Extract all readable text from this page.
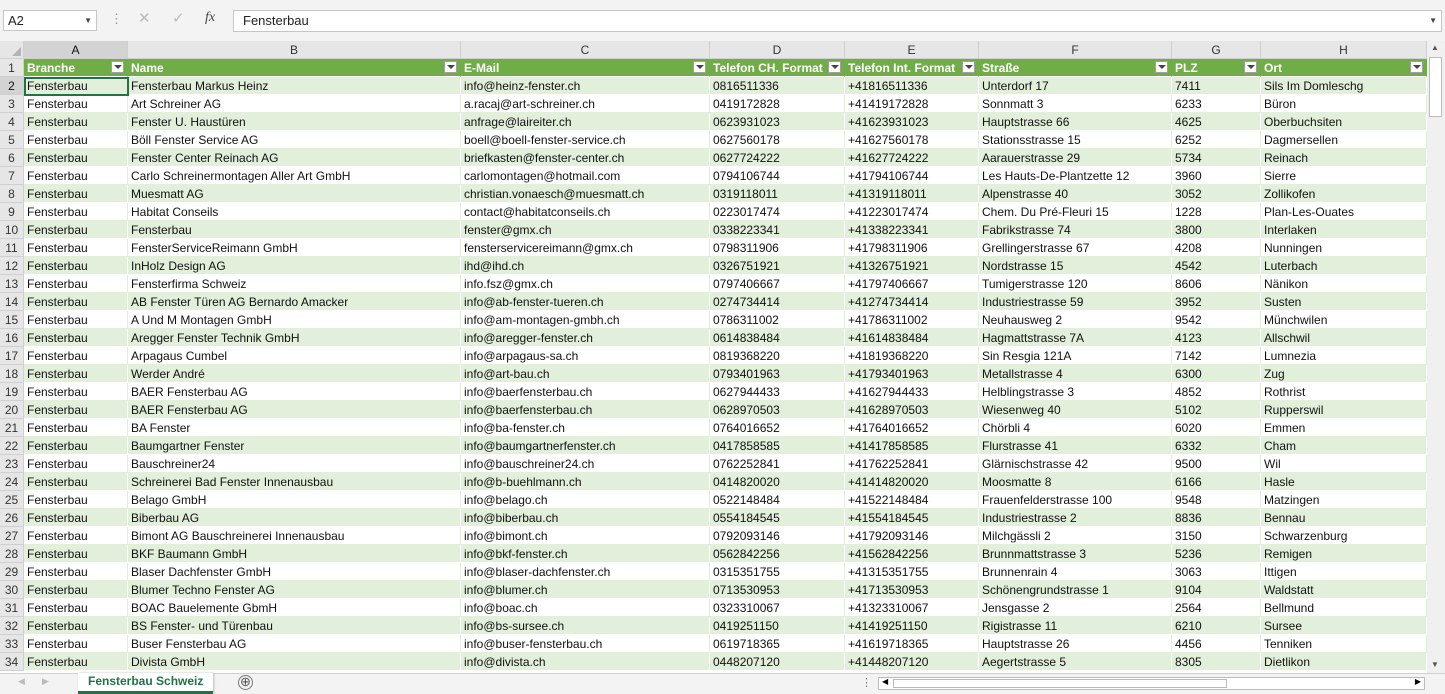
A2	▼ ⋮ ✕ ✓ fx	Fensterbau	▼
A	B	C	D	E	F	G	H
1	Branche	Name	E-Mail	Telefon CH. Format	Telefon Int. Format	Straße	PLZ	Ort
2	Fensterbau	Fensterbau Markus Heinz	info@heinz-fenster.ch	0816511336	+41816511336	Unterdorf 17	7411	Sils Im Domleschg
3	Fensterbau	Art Schreiner AG	a.racaj@art-schreiner.ch	0419172828	+41419172828	Sonnmatt 3	6233	Büron
4	Fensterbau	Fenster U. Haustüren	anfrage@laireiter.ch	0623931023	+41623931023	Hauptstrasse 66	4625	Oberbuchsiten
5	Fensterbau	Böll Fenster Service AG	boell@boell-fenster-service.ch	0627560178	+41627560178	Stationsstrasse 15	6252	Dagmersellen
6	Fensterbau	Fenster Center Reinach AG	briefkasten@fenster-center.ch	0627724222	+41627724222	Aarauerstrasse 29	5734	Reinach
7	Fensterbau	Carlo Schreinermontagen Aller Art GmbH	carlomontagen@hotmail.com	0794106744	+41794106744	Les Hauts-De-Plantzette 12	3960	Sierre
8	Fensterbau	Muesmatt AG	christian.vonaesch@muesmatt.ch	0319118011	+41319118011	Alpenstrasse 40	3052	Zollikofen
9	Fensterbau	Habitat Conseils	contact@habitatconseils.ch	0223017474	+41223017474	Chem. Du Pré-Fleuri 15	1228	Plan-Les-Ouates
10 Fensterbau	Fensterbau	fenster@gmx.ch	0338223341	+41338223341	Fabrikstrasse 74	3800	Interlaken
11 Fensterbau	FensterServiceReimann GmbH	fensterservicereimann@gmx.ch	0798311906	+41798311906	Grellingerstrasse 67	4208	Nunningen
12 Fensterbau	InHolz Design AG	ihd@ihd.ch	0326751921	+41326751921	Nordstrasse 15	4542	Luterbach
13 Fensterbau	Fensterfirma Schweiz	info.fsz@gmx.ch	0797406667	+41797406667	Tumigerstrasse 120	8606	Nänikon
14 Fensterbau	AB Fenster Türen AG Bernardo Amacker	info@ab-fenster-tueren.ch	0274734414	+41274734414	Industriestrasse 59	3952	Susten
15 Fensterbau	A Und M Montagen GmbH	info@am-montagen-gmbh.ch	0786311002	+41786311002	Neuhausweg 2	9542	Münchwilen
16 Fensterbau	Aregger Fenster Technik GmbH	info@aregger-fenster.ch	0614838484	+41614838484	Hagmattstrasse 7A	4123	Allschwil
17 Fensterbau	Arpagaus Cumbel	info@arpagaus-sa.ch	0819368220	+41819368220	Sin Resgia 121A	7142	Lumnezia
18 Fensterbau	Werder André	info@art-bau.ch	0793401963	+41793401963	Metallstrasse 4	6300	Zug
19 Fensterbau	BAER Fensterbau AG	info@baerfensterbau.ch	0627944433	+41627944433	Helblingstrasse 3	4852	Rothrist
20 Fensterbau	BAER Fensterbau AG	info@baerfensterbau.ch	0628970503	+41628970503	Wiesenweg 40	5102	Rupperswil
21 Fensterbau	BA Fenster	info@ba-fenster.ch	0764016652	+41764016652	Chörbli 4	6020	Emmen
22 Fensterbau	Baumgartner Fenster	info@baumgartnerfenster.ch	0417858585	+41417858585	Flurstrasse 41	6332	Cham
23 Fensterbau	Bauschreiner24	info@bauschreiner24.ch	0762252841	+41762252841	Glärnischstrasse 42	9500	Wil
24 Fensterbau	Schreinerei Bad Fenster Innenausbau	info@b-buehlmann.ch	0414820020	+41414820020	Moosmatte 8	6166	Hasle
25 Fensterbau	Belago GmbH	info@belago.ch	0522148484	+41522148484	Frauenfelderstrasse 100	9548	Matzingen
26 Fensterbau	Biberbau AG	info@biberbau.ch	0554184545	+41554184545	Industriestrasse 2	8836	Bennau
27 Fensterbau	Bimont AG Bauschreinerei Innenausbau	info@bimont.ch	0792093146	+41792093146	Milchgässli 2	3150	Schwarzenburg
28 Fensterbau	BKF Baumann GmbH	info@bkf-fenster.ch	0562842256	+41562842256	Brunnmattstrasse 3	5236	Remigen
29 Fensterbau	Blaser Dachfenster GmbH	info@blaser-dachfenster.ch	0315351755	+41315351755	Brunnenrain 4	3063	Ittigen
30 Fensterbau	Blumer Techno Fenster AG	info@blumer.ch	0713530953	+41713530953	Schönengrundstrasse 1	9104	Waldstatt
31 Fensterbau	BOAC Bauelemente GbmH	info@boac.ch	0323310067	+41323310067	Jensgasse 2	2564	Bellmund
32 Fensterbau	BS Fenster- und Türenbau	info@bs-sursee.ch	0419251150	+41419251150	Rigistrasse 11	6210	Sursee
33 Fensterbau	Buser Fensterbau AG	info@buser-fensterbau.ch	0619718365	+41619718365	Hauptstrasse 26	4456	Tenniken
34 Fensterbau	Divista GmbH	info@divista.ch	0448207120	+41448207120	Aegertstrasse 5	8305	Dietlikon
▲
▼
◀ ▶	Fensterbau Schweiz	⊕	⋮ ◀	▶
